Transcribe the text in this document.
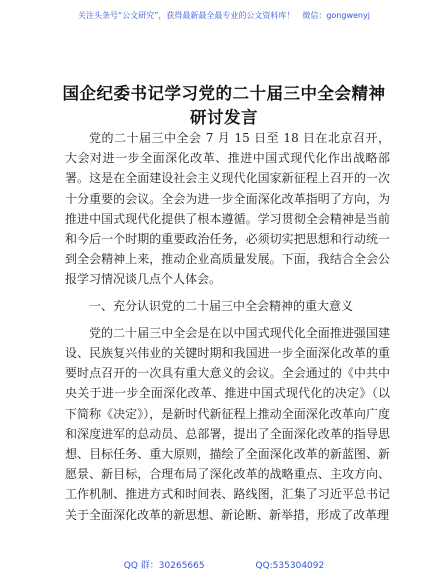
关注头条号“公文研究”，获得最新最全最专业的公文资料库！　微信：gongwenyj
国企纪委书记学习党的二十届三中全会精神
研讨发言

党的二十届三中全会 7 月 15 日至 18 日在北京召开，大会对进一步全面深化改革、推进中国式现代化作出战略部署。这是在全面建设社会主义现代化国家新征程上召开的一次十分重要的会议。全会为进一步全面深化改革指明了方向，为推进中国式现代化提供了根本遵循。学习贯彻全会精神是当前和今后一个时期的重要政治任务，必须切实把思想和行动统一到全会精神上来，推动企业高质量发展。下面，我结合全会公报学习情况谈几点个人体会。

一、充分认识党的二十届三中全会精神的重大意义

党的二十届三中全会是在以中国式现代化全面推进强国建设、民族复兴伟业的关键时期和我国进一步全面深化改革的重要时点召开的一次具有重大意义的会议。全会通过的《中共中央关于进一步全面深化改革、推进中国式现代化的决定》（以下简称《决定》），是新时代新征程上推动全面深化改革向广度和深度进军的总动员、总部署，提出了全面深化改革的指导思想、目标任务、重大原则，描绘了全面深化改革的新蓝图、新愿景、新目标，合理布局了深化改革的战略重点、主攻方向、工作机制、推进方式和时间表、路线图，汇集了习近平总书记关于全面深化改革的新思想、新论断、新举措，形成了改革理

QQ 群：30265665	QQ:535304092
